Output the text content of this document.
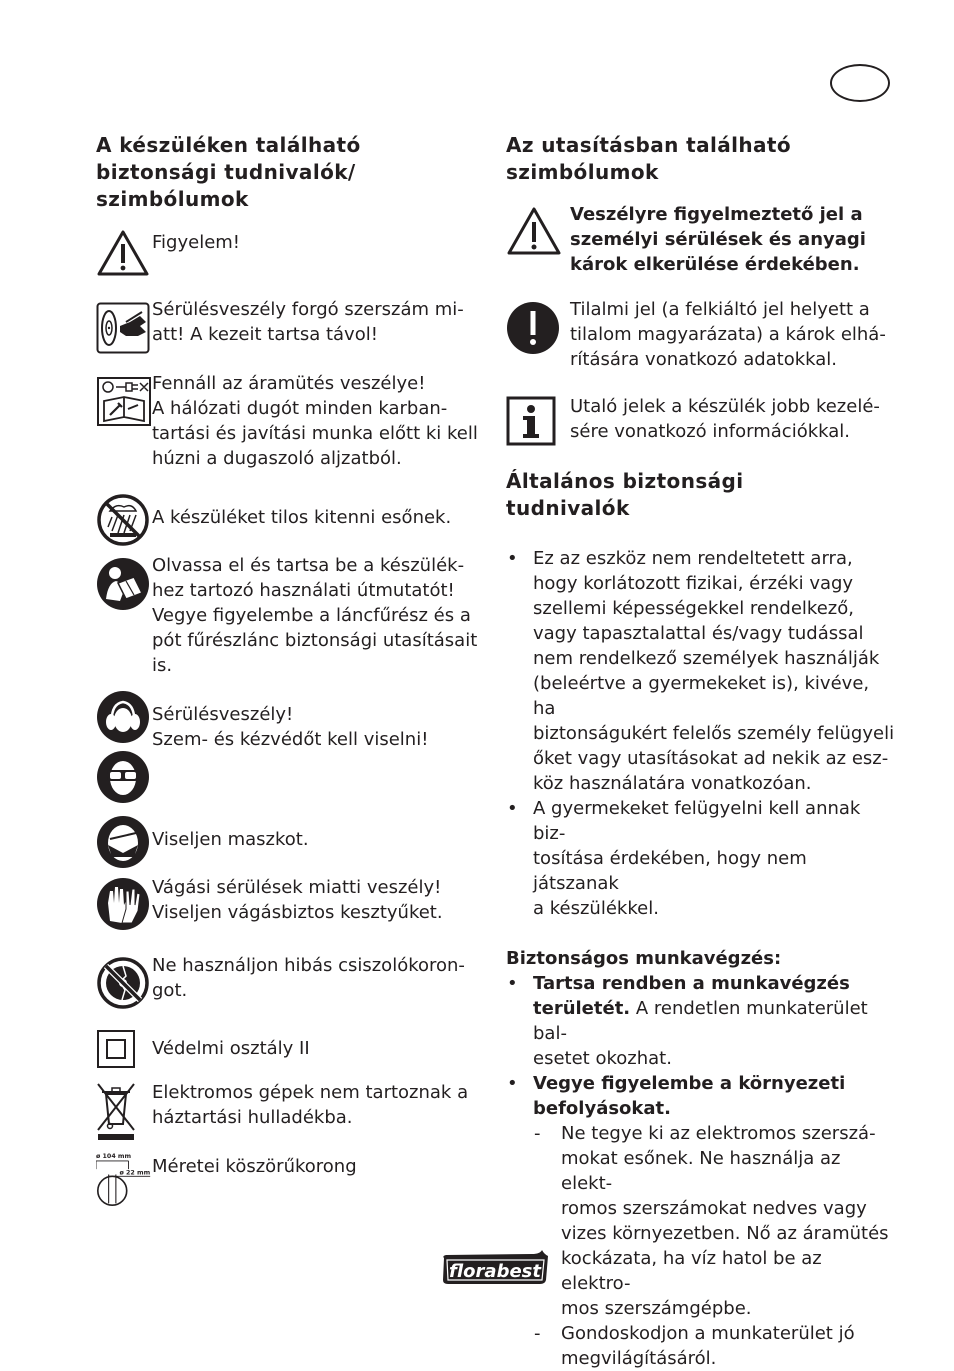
A készüléken található biztonsági tudnivalók/ szimbólumok
Figyelem!
Sérülésveszély forgó szerszám mi-
att! A kezeit tartsa távol!
Fennáll az áramütés veszélye!
A hálózati dugót minden karban-
tartási és javítási munka előtt ki kell
húzni a dugaszoló aljzatból.
A készüléket tilos kitenni esőnek.
Olvassa el és tartsa be a készülék-
hez tartozó használati útmutatót!
Vegye figyelembe a láncfűrész és a
pót fűrészlánc biztonsági utasításait
is.
Sérülésveszély!
Szem- és kézvédőt kell viselni!
Viseljen maszkot.
Vágási sérülések miatti veszély!
Viseljen vágásbiztos kesztyűket.
Ne használjon hibás csiszolókoron-
got.
Védelmi osztály II
Elektromos gépek nem tartoznak a
háztartási hulladékba.
ø 104 mm
ø 22 mm Méretei köszörűkorong
Az utasításban található szimbólumok
Veszélyre figyelmeztető jel a
személyi sérülések és anyagi
károk elkerülése érdekében.
Tilalmi jel (a felkiáltó jel helyett a
tilalom magyarázata) a károk elhá-
rítására vonatkozó adatokkal.
Utaló jelek a készülék jobb kezelé-
sére vonatkozó információkkal.
Általános biztonsági tudnivalók
• Ez az eszköz nem rendeltetett arra,
hogy korlátozott fizikai, érzéki vagy
szellemi képességekkel rendelkező,
vagy tapasztalattal és/vagy tudással
nem rendelkező személyek használják
(beleértve a gyermekeket is), kivéve, ha
biztonságukért felelős személy felügyeli
őket vagy utasításokat ad nekik az esz-
köz használatára vonatkozóan.
• A gyermekeket felügyelni kell annak biz-
tosítása érdekében, hogy nem játszanak
a készülékkel.
Biztonságos munkavégzés:
• Tartsa rendben a munkavégzés
területét. A rendetlen munkaterület bal-
esetet okozhat.
• Vegye figyelembe a környezeti
befolyásokat.
- Ne tegye ki az elektromos szerszá-
mokat esőnek. Ne használja az elekt-
romos szerszámokat nedves vagy
vizes környezetben. Nő az áramütés
kockázata, ha víz hatol be az elektro-
mos szerszámgépbe.
- Gondoskodjon a munkaterület jó
megvilágításáról.
florabest
